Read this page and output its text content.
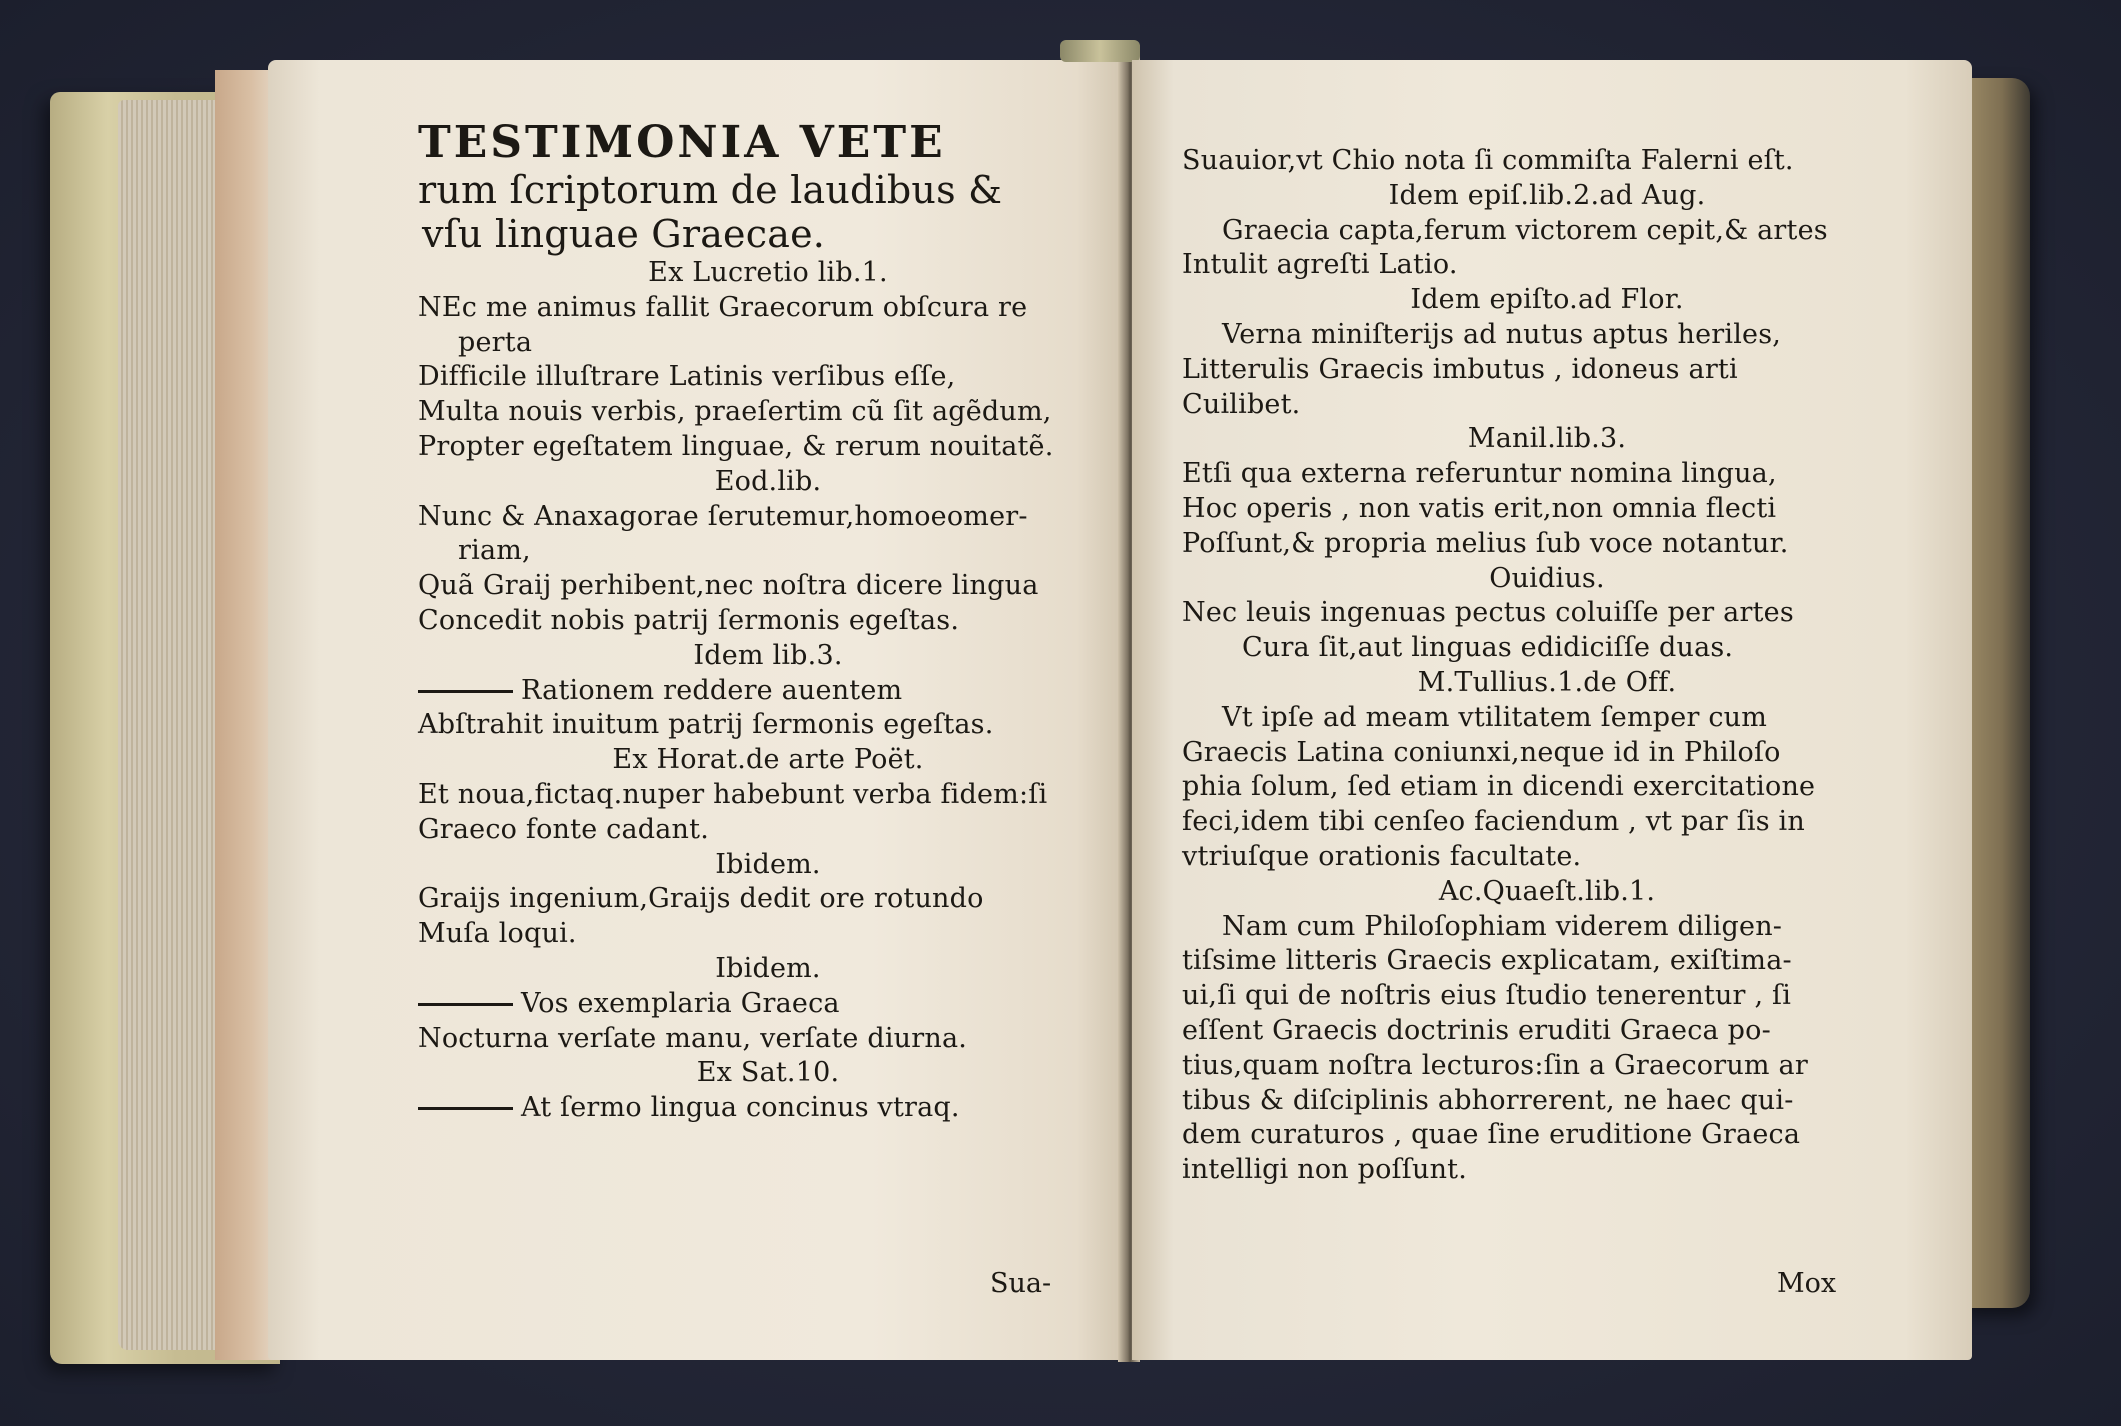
TESTIMONIA VETE
rum ſcriptorum de laudibus &
vſu linguae Graecae.
Ex Lucretio lib.1.
NEc me animus fallit Graecorum obſcura re
perta
Difficile illuſtrare Latinis verſibus eſſe,
Multa nouis verbis, praeſertim cũ ſit agẽdum,
Propter egeſtatem linguae, & rerum nouitatẽ.
Eod.lib.
Nunc & Anaxagorae ſerutemur,homoeomer-
riam,
Quã Graij perhibent,nec noſtra dicere lingua
Concedit nobis patrij ſermonis egeſtas.
Idem lib.3.
Rationem reddere auentem
Abſtrahit inuitum patrij ſermonis egeſtas.
Ex Horat.de arte Poët.
Et noua,fictaq.nuper habebunt verba fidem:ſi
Graeco fonte cadant.
Ibidem.
Graijs ingenium,Graijs dedit ore rotundo
Muſa loqui.
Ibidem.
Vos exemplaria Graeca
Nocturna verſate manu, verſate diurna.
Ex Sat.10.
At ſermo lingua concinus vtraq.
Sua-
Suauior,vt Chio nota ſi commiſta Falerni eſt.
Idem epiſ.lib.2.ad Aug.
Graecia capta,ferum victorem cepit,& artes
Intulit agreſti Latio.
Idem epiſto.ad Flor.
Verna miniſterijs ad nutus aptus heriles,
Litterulis Graecis imbutus , idoneus arti
Cuilibet.
Manil.lib.3.
Etſi qua externa referuntur nomina lingua,
Hoc operis , non vatis erit,non omnia flecti
Poſſunt,& propria melius ſub voce notantur.
Ouidius.
Nec leuis ingenuas pectus coluiſſe per artes
Cura ſit,aut linguas edidiciſſe duas.
M.Tullius.1.de Off.
Vt ipſe ad meam vtilitatem ſemper cum
Graecis Latina coniunxi,neque id in Philoſo
phia ſolum, ſed etiam in dicendi exercitatione
feci,idem tibi cenſeo faciendum , vt par ſis in
vtriuſque orationis facultate.
Ac.Quaeſt.lib.1.
Nam cum Philoſophiam viderem diligen-
tiſsime litteris Graecis explicatam, exiſtima-
ui,ſi qui de noſtris eius ſtudio tenerentur , ſi
eſſent Graecis doctrinis eruditi Graeca po-
tius,quam noſtra lecturos:ſin a Graecorum ar
tibus & diſciplinis abhorrerent, ne haec qui-
dem curaturos , quae ſine eruditione Graeca
intelligi non poſſunt.
Mox
